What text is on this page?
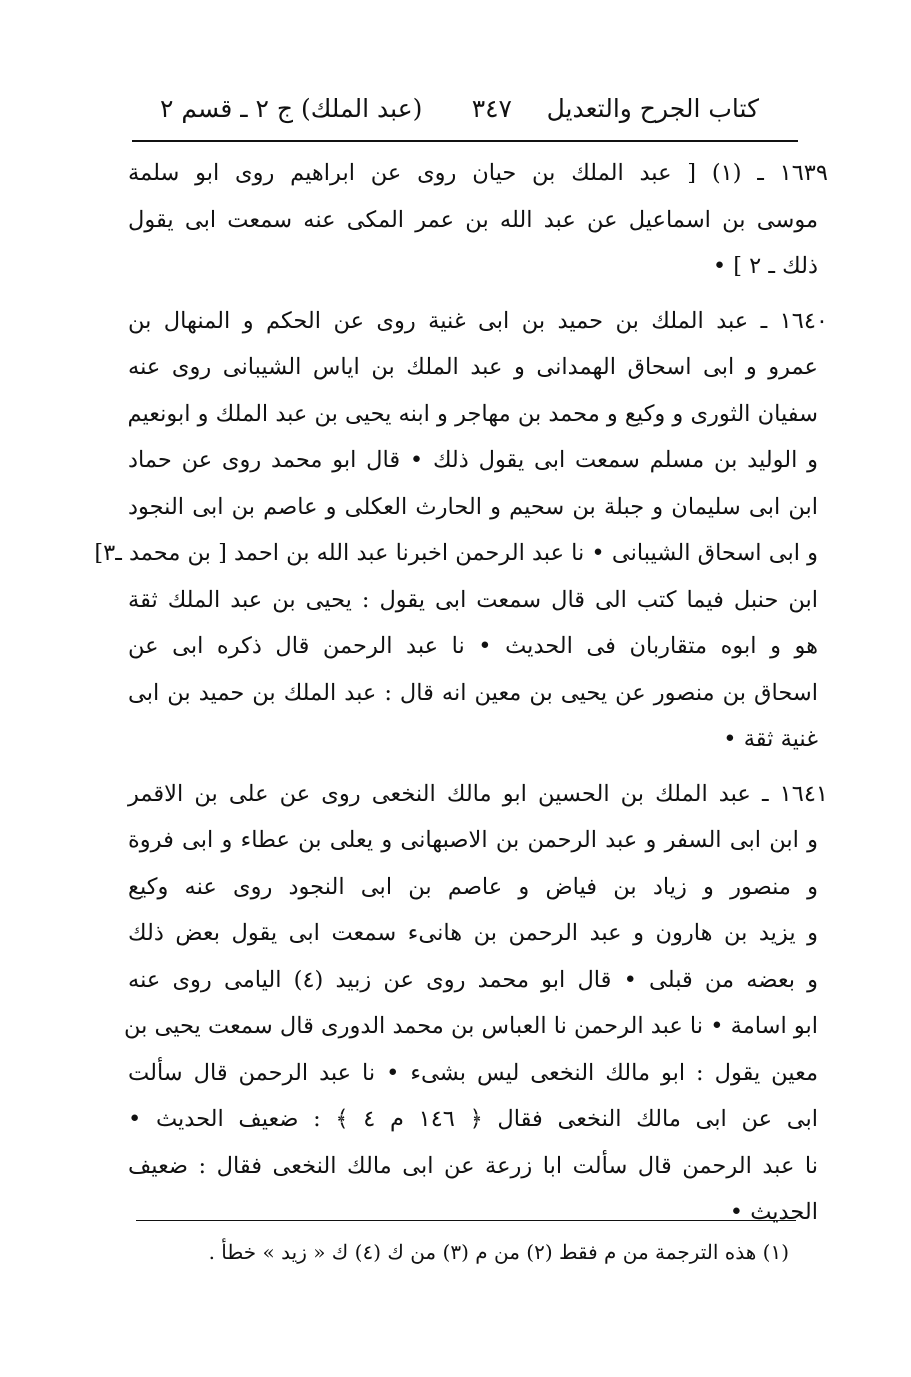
كتاب الجرح والتعديل
٣٤٧
(عبد الملك) ج ٢ ـ قسم ٢
١٦٣٩ ـ (١) [ عبد الملك بن حيان روى عن ابراهيم روى ابو سلمة
موسى بن اسماعيل عن عبد الله بن عمر المكى عنه سمعت ابى يقول
ذلك ـ ٢ ] •
١٦٤٠ ـ عبد الملك بن حميد بن ابى غنية روى عن الحكم و المنهال بن
عمرو و ابى اسحاق الهمدانى و عبد الملك بن اياس الشيبانى روى عنه
سفيان الثورى و وكيع و محمد بن مهاجر و ابنه يحيى بن عبد الملك و ابونعيم
و الوليد بن مسلم سمعت ابى يقول ذلك • قال ابو محمد روى عن حماد
ابن ابى سليمان و جبلة بن سحيم و الحارث العكلى و عاصم بن ابى النجود
و ابى اسحاق الشيبانى • نا عبد الرحمن اخبرنا عبد الله بن احمد [ بن محمد ـ٣]
ابن حنبل فيما كتب الى قال سمعت ابى يقول : يحيى بن عبد الملك ثقة
هو و ابوه متقاربان فى الحديث • نا عبد الرحمن قال ذكره ابى عن
اسحاق بن منصور عن يحيى بن معين انه قال : عبد الملك بن حميد بن ابى
غنية ثقة •
١٦٤١ ـ عبد الملك بن الحسين ابو مالك النخعى روى عن على بن الاقمر
و ابن ابى السفر و عبد الرحمن بن الاصبهانى و يعلى بن عطاء و ابى فروة
و منصور و زياد بن فياض و عاصم بن ابى النجود روى عنه وكيع
و يزيد بن هارون و عبد الرحمن بن هانىء سمعت ابى يقول بعض ذلك
و بعضه من قبلى • قال ابو محمد روى عن زبيد (٤) اليامى روى عنه
ابو اسامة • نا عبد الرحمن نا العباس بن محمد الدورى قال سمعت يحيى بن
معين يقول : ابو مالك النخعى ليس بشىء • نا عبد الرحمن قال سألت
ابى عن ابى مالك النخعى فقال ﴿ ١٤٦ م ٤ ﴾ : ضعيف الحديث •
نا عبد الرحمن قال سألت ابا زرعة عن ابى مالك النخعى فقال : ضعيف
الحديث •
(١) هذه الترجمة من م فقط (٢) من م (٣) من ك (٤) ك « زيد » خطأ .
